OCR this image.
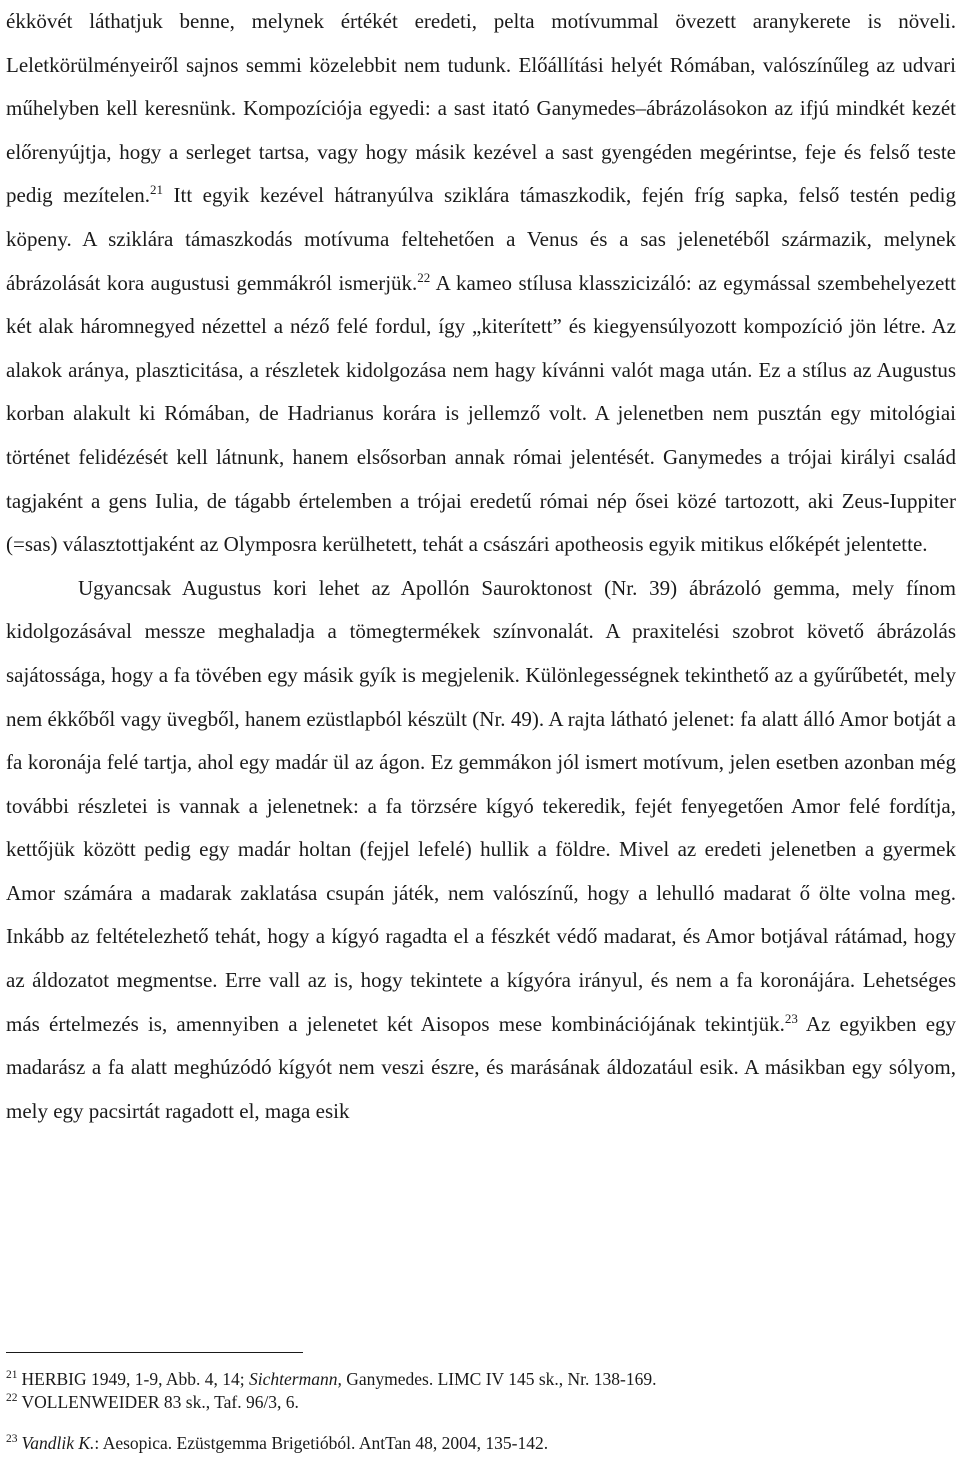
ékkövét láthatjuk benne, melynek értékét eredeti, pelta motívummal övezett aranykerete is növeli. Leletkörülményeiről sajnos semmi közelebbit nem tudunk. Előállítási helyét Rómában, valószínűleg az udvari műhelyben kell keresnünk. Kompozíciója egyedi: a sast itató Ganymedes–ábrázolásokon az ifjú mindkét kezét előrenyújtja, hogy a serleget tartsa, vagy hogy másik kezével a sast gyengéden megérintse, feje és felső teste pedig mezítelen.$^{21}$ Itt egyik kezével hátranyúlva sziklára támaszkodik, fején fríg sapka, felső testén pedig köpeny. A sziklára támaszkodás motívuma feltehetően a Venus és a sas jelenetéből származik, melynek ábrázolását kora augustusi gemmákról ismerjük.$^{22}$ A kameo stílusa klasszicizáló: az egymással szembehelyezett két alak háromnegyed nézettel a néző felé fordul, így „kiterített” és kiegyensúlyozott kompozíció jön létre. Az alakok aránya, plaszticitása, a részletek kidolgozása nem hagy kívánni valót maga után. Ez a stílus az Augustus korban alakult ki Rómában, de Hadrianus korára is jellemző volt. A jelenetben nem pusztán egy mitológiai történet felidézését kell látnunk, hanem elsősorban annak római jelentését. Ganymedes a trójai királyi család tagjaként a gens Iulia, de tágabb értelemben a trójai eredetű római nép ősei közé tartozott, aki Zeus-Iuppiter (=sas) választottjaként az Olymposra kerülhetett, tehát a császári apotheosis egyik mitikus előképét jelentette.

Ugyancsak Augustus kori lehet az Apollón Sauroktonost (Nr. 39) ábrázoló gemma, mely fínom kidolgozásával messze meghaladja a tömegtermékek színvonalát. A praxitelési szobrot követő ábrázolás sajátossága, hogy a fa tövében egy másik gyík is megjelenik. Különlegességnek tekinthető az a gyűrűbetét, mely nem ékkőből vagy üvegből, hanem ezüstlapból készült (Nr. 49). A rajta látható jelenet: fa alatt álló Amor botját a fa koronája felé tartja, ahol egy madár ül az ágon. Ez gemmákon jól ismert motívum, jelen esetben azonban még további részletei is vannak a jelenetnek: a fa törzsére kígyó tekeredik, fejét fenyegetően Amor felé fordítja, kettőjük között pedig egy madár holtan (fejjel lefelé) hullik a földre. Mivel az eredeti jelenetben a gyermek Amor számára a madarak zaklatása csupán játék, nem valószínű, hogy a lehulló madarat ő ölte volna meg. Inkább az feltételezhető tehát, hogy a kígyó ragadta el a fészkét védő madarat, és Amor botjával rátámad, hogy az áldozatot megmentse. Erre vall az is, hogy tekintete a kígyóra irányul, és nem a fa koronájára. Lehetséges más értelmezés is, amennyiben a jelenetet két Aisopos mese kombinációjának tekintjük.$^{23}$ Az egyikben egy madarász a fa alatt meghúzódó kígyót nem veszi észre, és marásának áldozatául esik. A másikban egy sólyom, mely egy pacsirtát ragadott el, maga esik

$^{21}$ HERBIG 1949, 1-9, Abb. 4, 14; Sichtermann, Ganymedes. LIMC IV 145 sk., Nr. 138-169.

$^{22}$ VOLLENWEIDER 83 sk., Taf. 96/3, 6.

$^{23}$ Vandlik K.: Aesopica. Ezüstgemma Brigetióból. AntTan 48, 2004, 135-142.
